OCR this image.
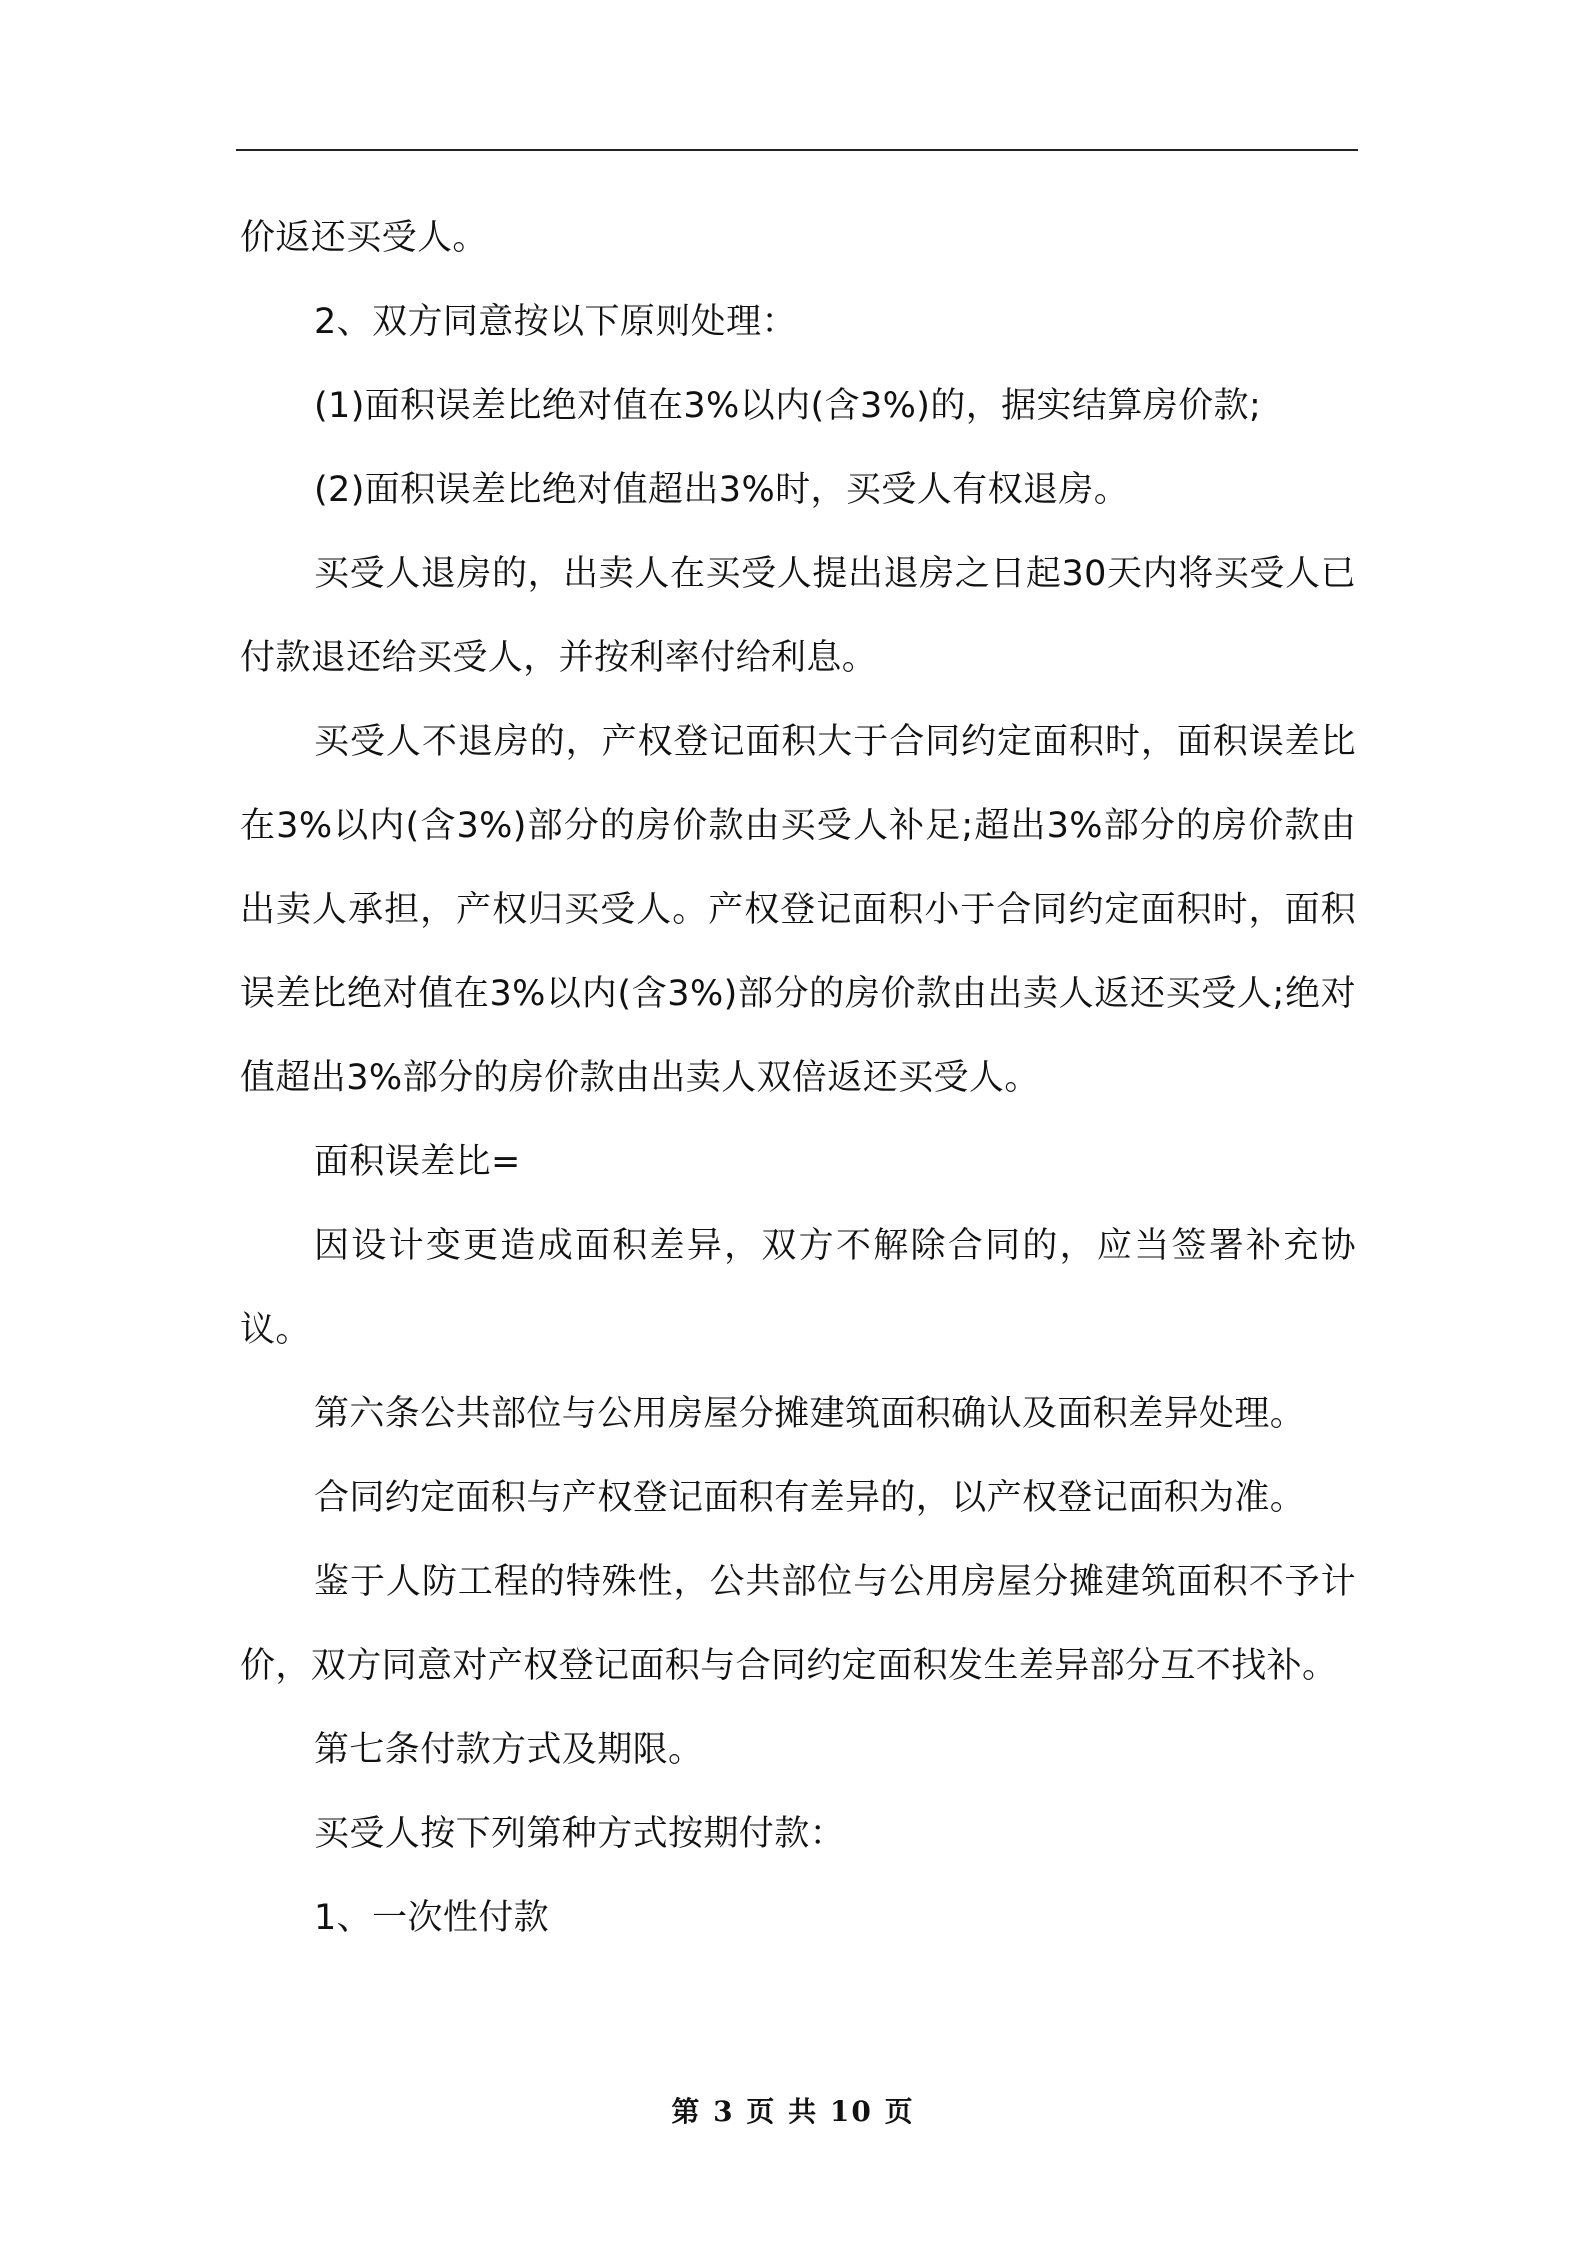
价返还买受人。

2、双方同意按以下原则处理：

(1)面积误差比绝对值在3%以内(含3%)的，据实结算房价款;

(2)面积误差比绝对值超出3%时，买受人有权退房。

买受人退房的，出卖人在买受人提出退房之日起30天内将买受人已付款退还给买受人，并按利率付给利息。

买受人不退房的，产权登记面积大于合同约定面积时，面积误差比在3%以内(含3%)部分的房价款由买受人补足;超出3%部分的房价款由出卖人承担，产权归买受人。产权登记面积小于合同约定面积时，面积误差比绝对值在3%以内(含3%)部分的房价款由出卖人返还买受人;绝对值超出3%部分的房价款由出卖人双倍返还买受人。

面积误差比=

因设计变更造成面积差异，双方不解除合同的，应当签署补充协议。

第六条公共部位与公用房屋分摊建筑面积确认及面积差异处理。

合同约定面积与产权登记面积有差异的，以产权登记面积为准。

鉴于人防工程的特殊性，公共部位与公用房屋分摊建筑面积不予计价，双方同意对产权登记面积与合同约定面积发生差异部分互不找补。

第七条付款方式及期限。

买受人按下列第种方式按期付款：

1、一次性付款

第 3 页 共 10 页
